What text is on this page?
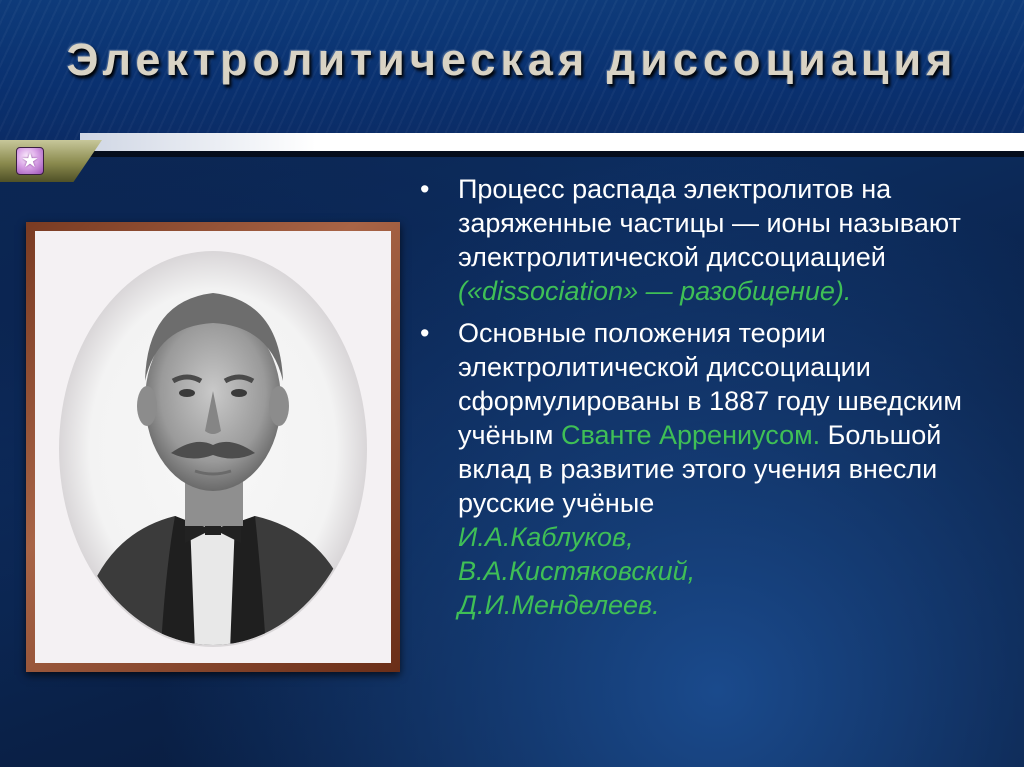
Электролитическая диссоциация
★
• Процесс распада электролитов на заряженные частицы — ионы называют электролитической диссоциацией («dissociation» — разобщение).
• Основные положения теории электролитической диссоциации сформулированы в 1887 году шведским учёным Сванте Аррениусом. Большой вклад в развитие этого учения внесли русские учёные
И.А.Каблуков,
В.А.Кистяковский,
Д.И.Менделеев.
